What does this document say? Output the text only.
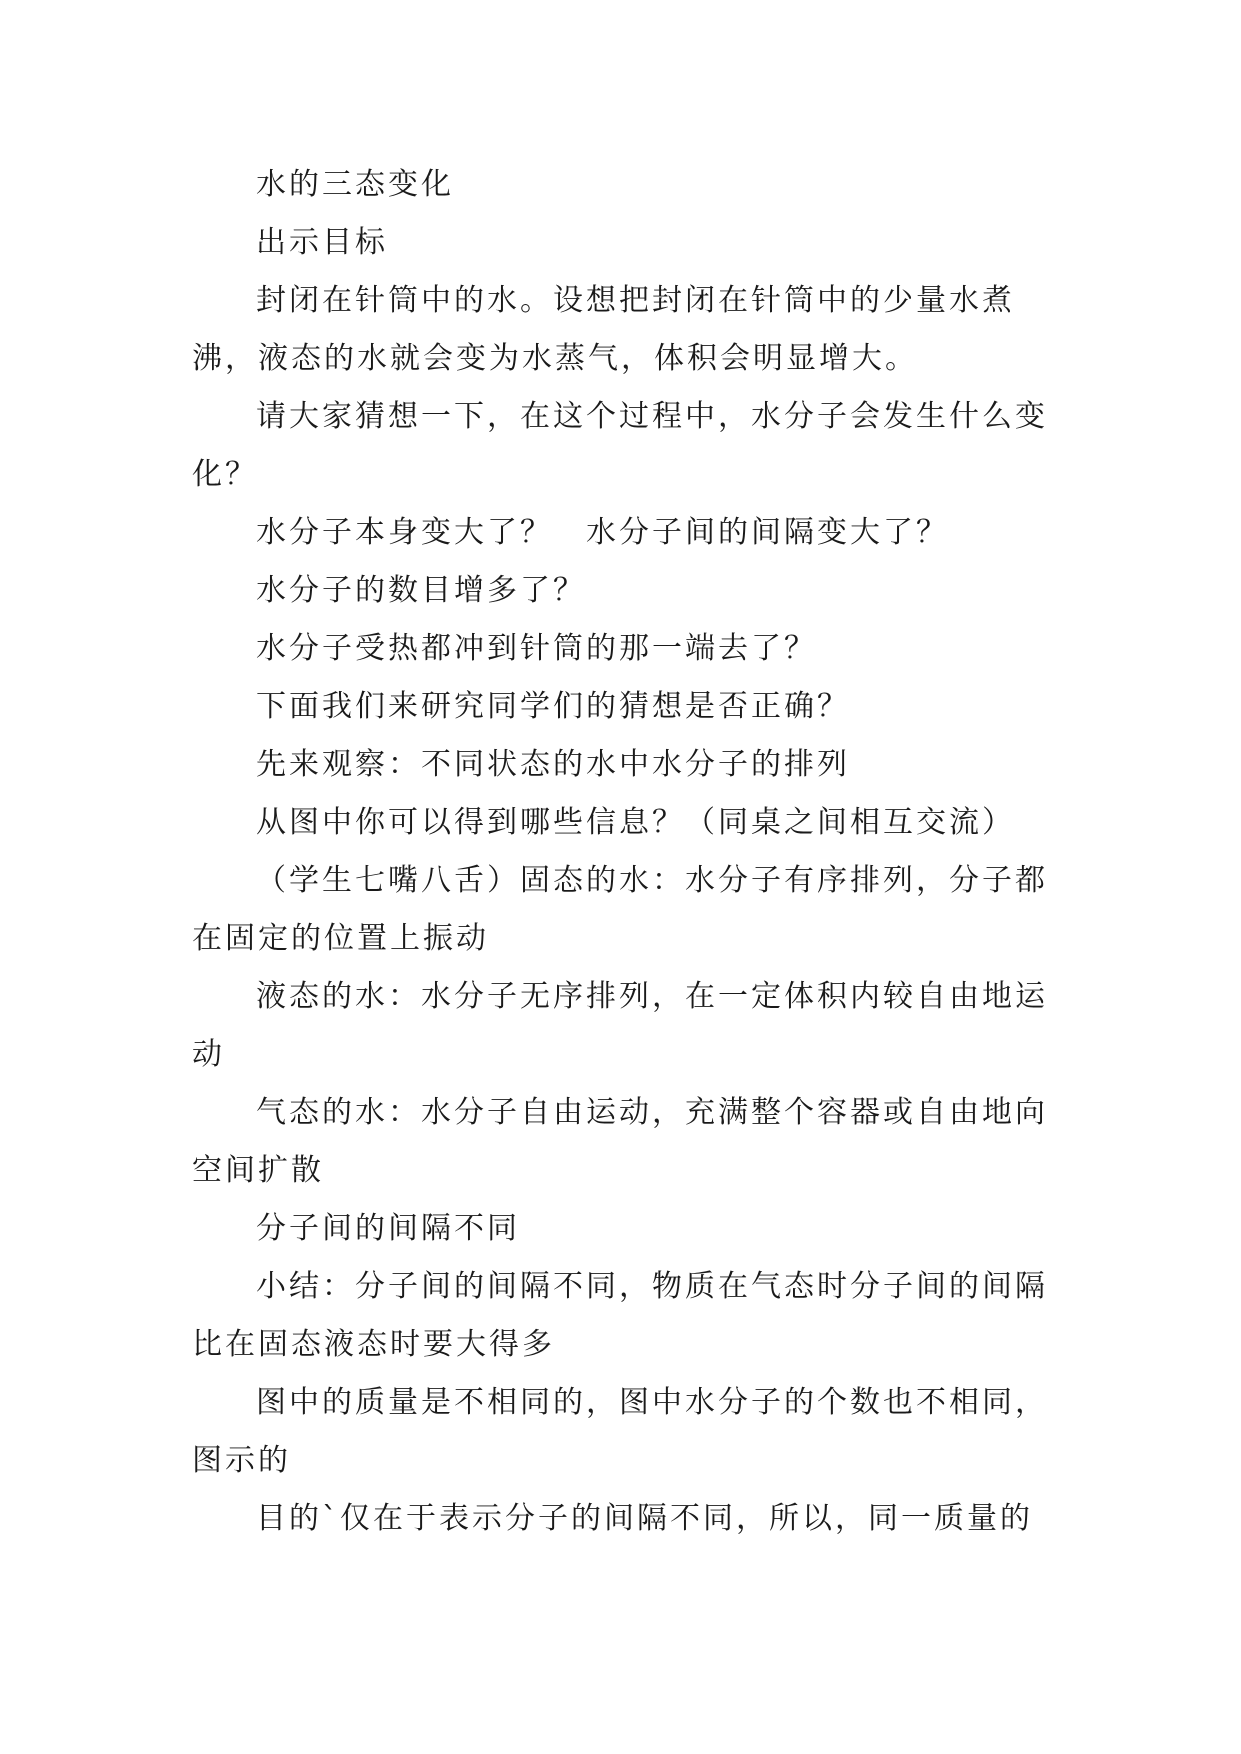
水的三态变化

出示目标

封闭在针筒中的水。设想把封闭在针筒中的少量水煮沸，液态的水就会变为水蒸气，体积会明显增大。

请大家猜想一下，在这个过程中，水分子会发生什么变化？

水分子本身变大了？　水分子间的间隔变大了？

水分子的数目增多了？

水分子受热都冲到针筒的那一端去了？

下面我们来研究同学们的猜想是否正确？

先来观察：不同状态的水中水分子的排列

从图中你可以得到哪些信息？（同桌之间相互交流）

（学生七嘴八舌）固态的水：水分子有序排列，分子都在固定的位置上振动

液态的水：水分子无序排列，在一定体积内较自由地运动

气态的水：水分子自由运动，充满整个容器或自由地向空间扩散

分子间的间隔不同

小结：分子间的间隔不同，物质在气态时分子间的间隔比在固态液态时要大得多

图中的质量是不相同的，图中水分子的个数也不相同，图示的

目的`仅在于表示分子的间隔不同，所以，同一质量的
